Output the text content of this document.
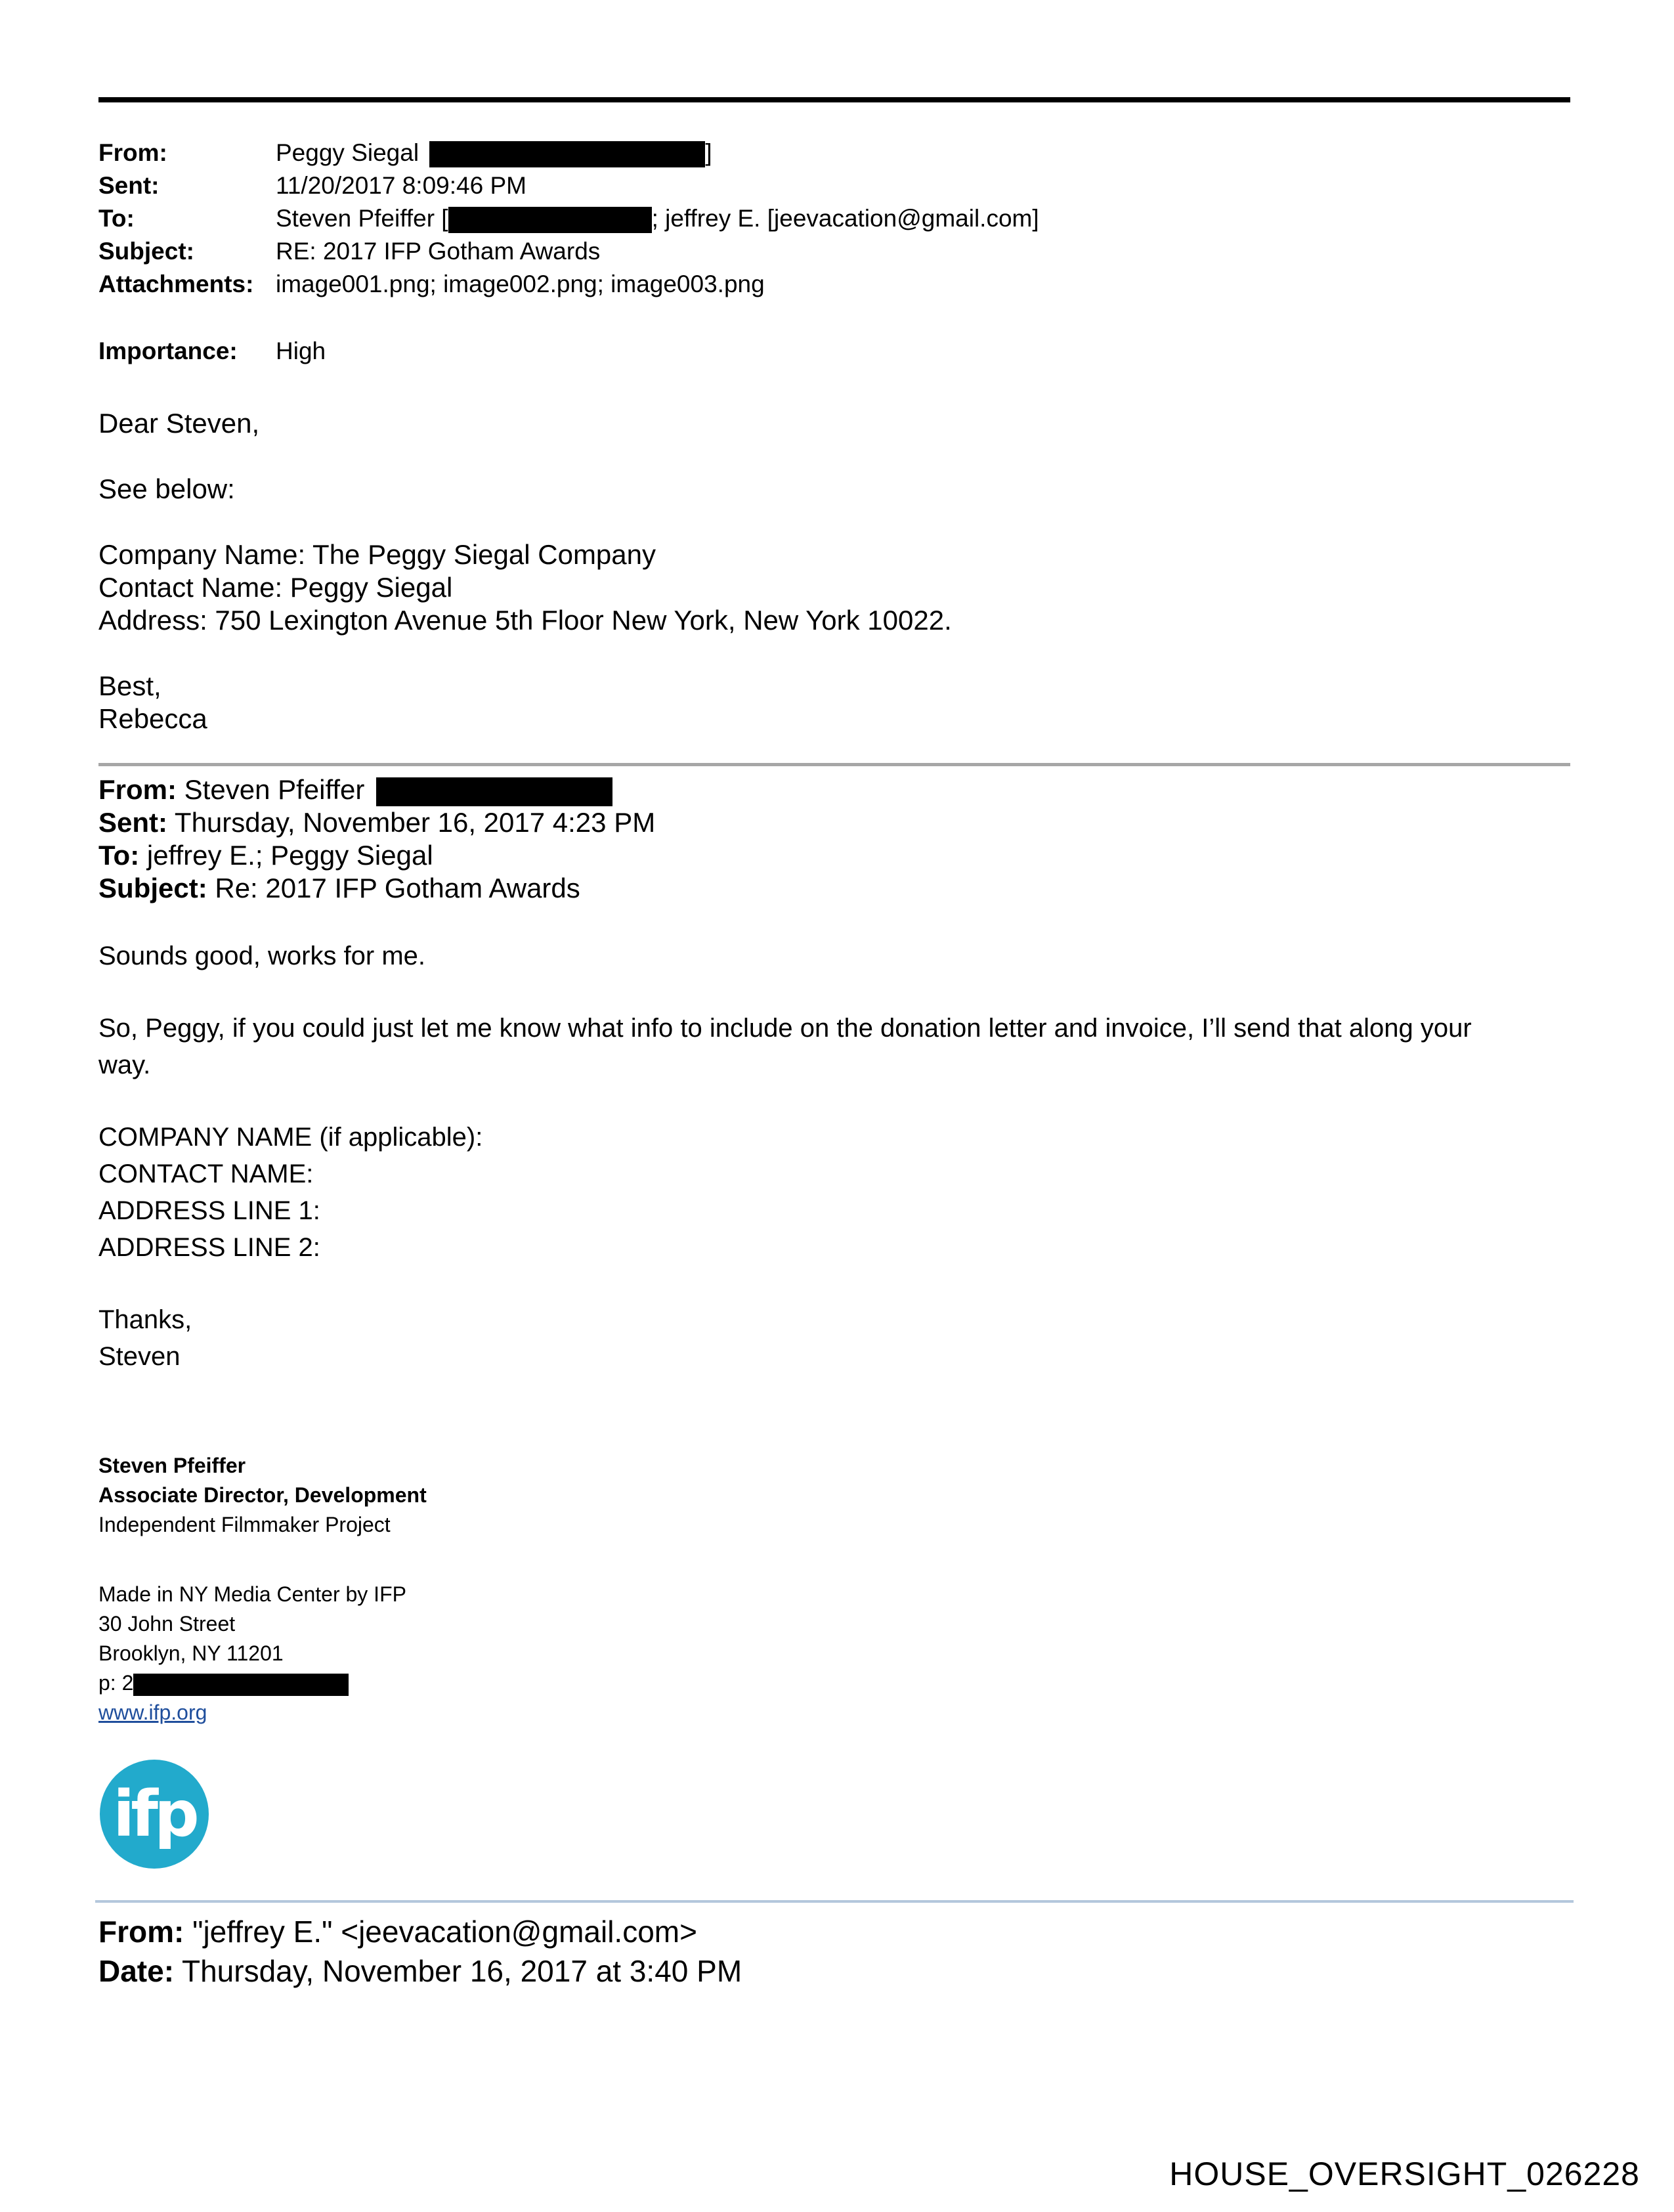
From:	Peggy Siegal	]
Sent:	11/20/2017 8:09:46 PM
To:	Steven Pfeiffer [	; jeffrey E. [jeevacation@gmail.com]
Subject:	RE: 2017 IFP Gotham Awards
Attachments: image001.png; image002.png; image003.png
Importance: High
Dear Steven,
See below:
Company Name: The Peggy Siegal Company
Contact Name: Peggy Siegal
Address: 750 Lexington Avenue 5th Floor New York, New York 10022.
Best,
Rebecca
From: Steven Pfeiffer
Sent: Thursday, November 16, 2017 4:23 PM
To: jeffrey E.; Peggy Siegal
Subject: Re: 2017 IFP Gotham Awards
Sounds good, works for me.
So, Peggy, if you could just let me know what info to include on the donation letter and invoice, I’ll send that along your
way.
COMPANY NAME (if applicable):
CONTACT NAME:
ADDRESS LINE 1:
ADDRESS LINE 2:
Thanks,
Steven
Steven Pfeiffer
Associate Director, Development
Independent Filmmaker Project
Made in NY Media Center by IFP
30 John Street
Brooklyn, NY 11201
p: 2
www.ifp.org
ifp
From: "jeffrey E." <jeevacation@gmail.com>
Date: Thursday, November 16, 2017 at 3:40 PM
HOUSE_OVERSIGHT_026228
